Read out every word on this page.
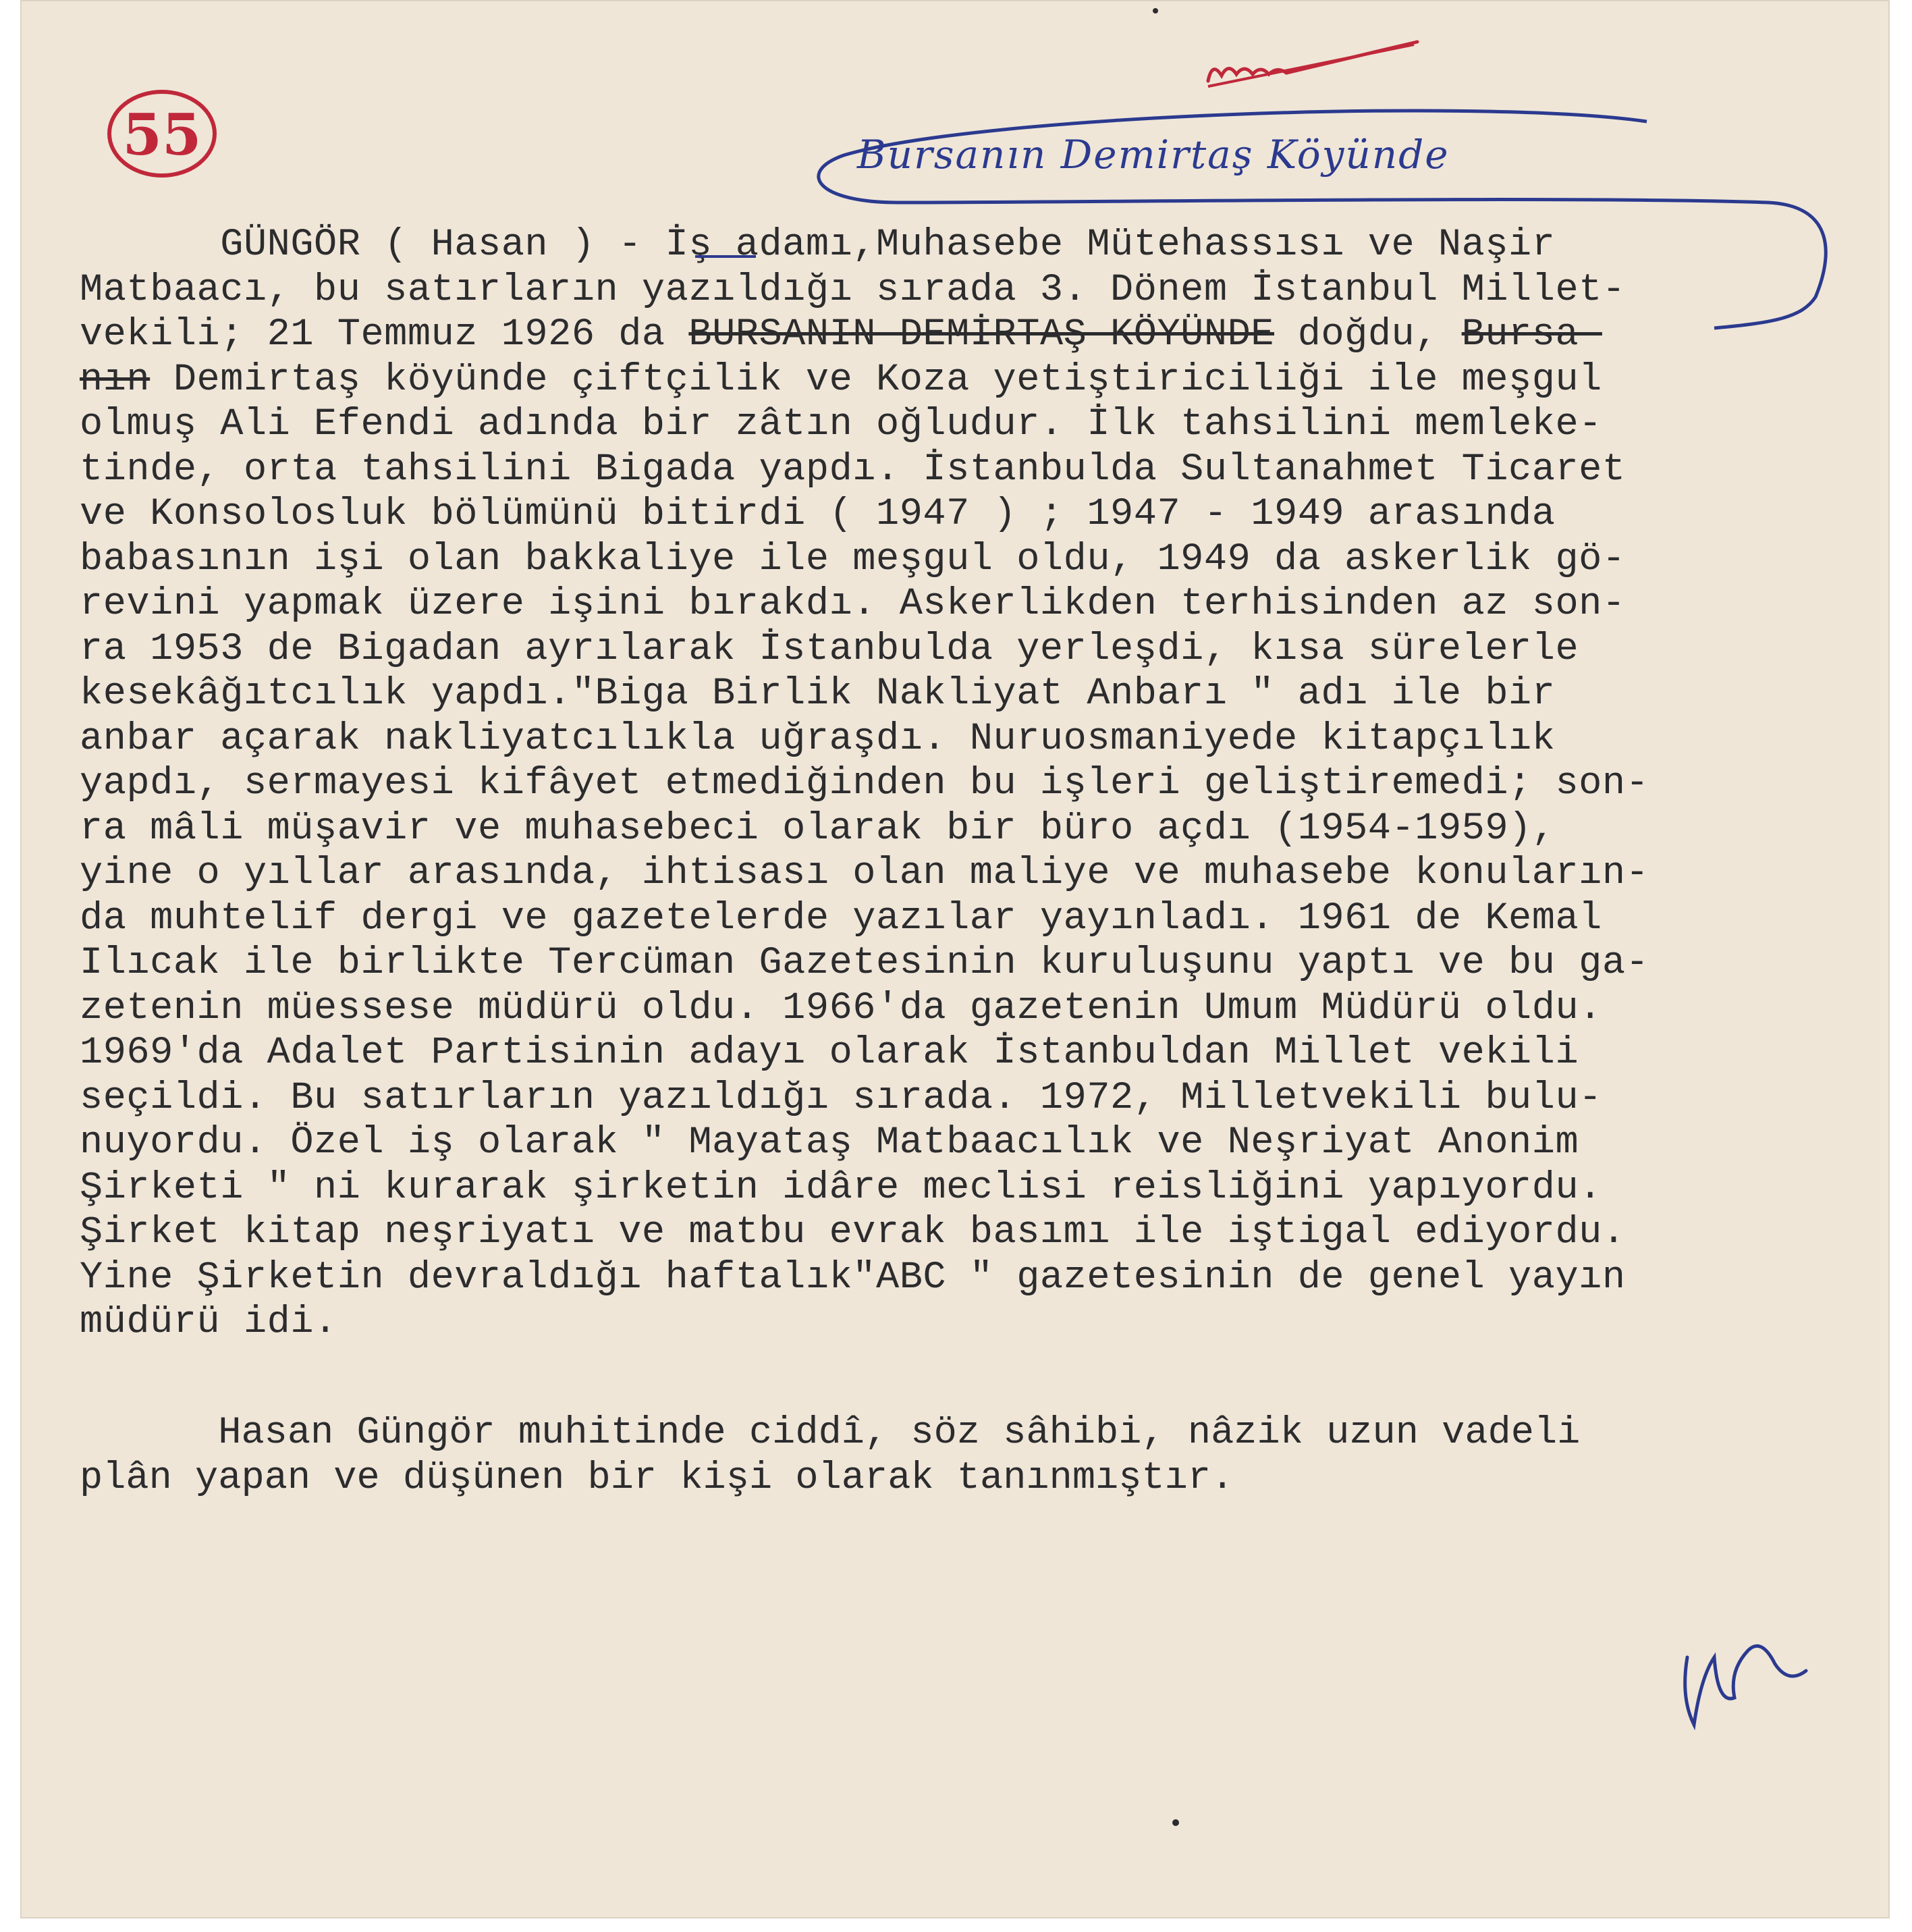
55	Bursanın Demirtaş Köyünde
GÜNGÖR ( Hasan ) - İş adamı,Muhasebe Mütehassısı ve Naşir
Matbaacı, bu satırların yazıldığı sırada 3. Dönem İstanbul Millet-
vekili; 21 Temmuz 1926 da BURSANIN DEMİRTAŞ KÖYÜNDE doğdu, Bursa-
nın Demirtaş köyünde çiftçilik ve Koza yetiştiriciliği ile meşgul
olmuş Ali Efendi adında bir zâtın oğludur. İlk tahsilini memleke-
tinde, orta tahsilini Bigada yapdı. İstanbulda Sultanahmet Ticaret
ve Konsolosluk bölümünü bitirdi ( 1947 ) ; 1947 - 1949 arasında
babasının işi olan bakkaliye ile meşgul oldu, 1949 da askerlik gö-
revini yapmak üzere işini bırakdı. Askerlikden terhisinden az son-
ra 1953 de Bigadan ayrılarak İstanbulda yerleşdi, kısa sürelerle
kesekâğıtcılık yapdı."Biga Birlik Nakliyat Anbarı " adı ile bir
anbar açarak nakliyatcılıkla uğraşdı. Nuruosmaniyede kitapçılık
yapdı, sermayesi kifâyet etmediğinden bu işleri geliştiremedi; son-
ra mâli müşavir ve muhasebeci olarak bir büro açdı (1954-1959),
yine o yıllar arasında, ihtisası olan maliye ve muhasebe konuların-
da muhtelif dergi ve gazetelerde yazılar yayınladı. 1961 de Kemal
Ilıcak ile birlikte Tercüman Gazetesinin kuruluşunu yaptı ve bu ga-
zetenin müessese müdürü oldu. 1966'da gazetenin Umum Müdürü oldu.
1969'da Adalet Partisinin adayı olarak İstanbuldan Millet vekili
seçildi. Bu satırların yazıldığı sırada. 1972, Milletvekili bulu-
nuyordu. Özel iş olarak " Mayataş Matbaacılık ve Neşriyat Anonim
Şirketi " ni kurarak şirketin idâre meclisi reisliğini yapıyordu.
Şirket kitap neşriyatı ve matbu evrak basımı ile iştigal ediyordu.
Yine Şirketin devraldığı haftalık"ABC " gazetesinin de genel yayın
müdürü idi.
Hasan Güngör muhitinde ciddî, söz sâhibi, nâzik uzun vadeli
plân yapan ve düşünen bir kişi olarak tanınmıştır.
